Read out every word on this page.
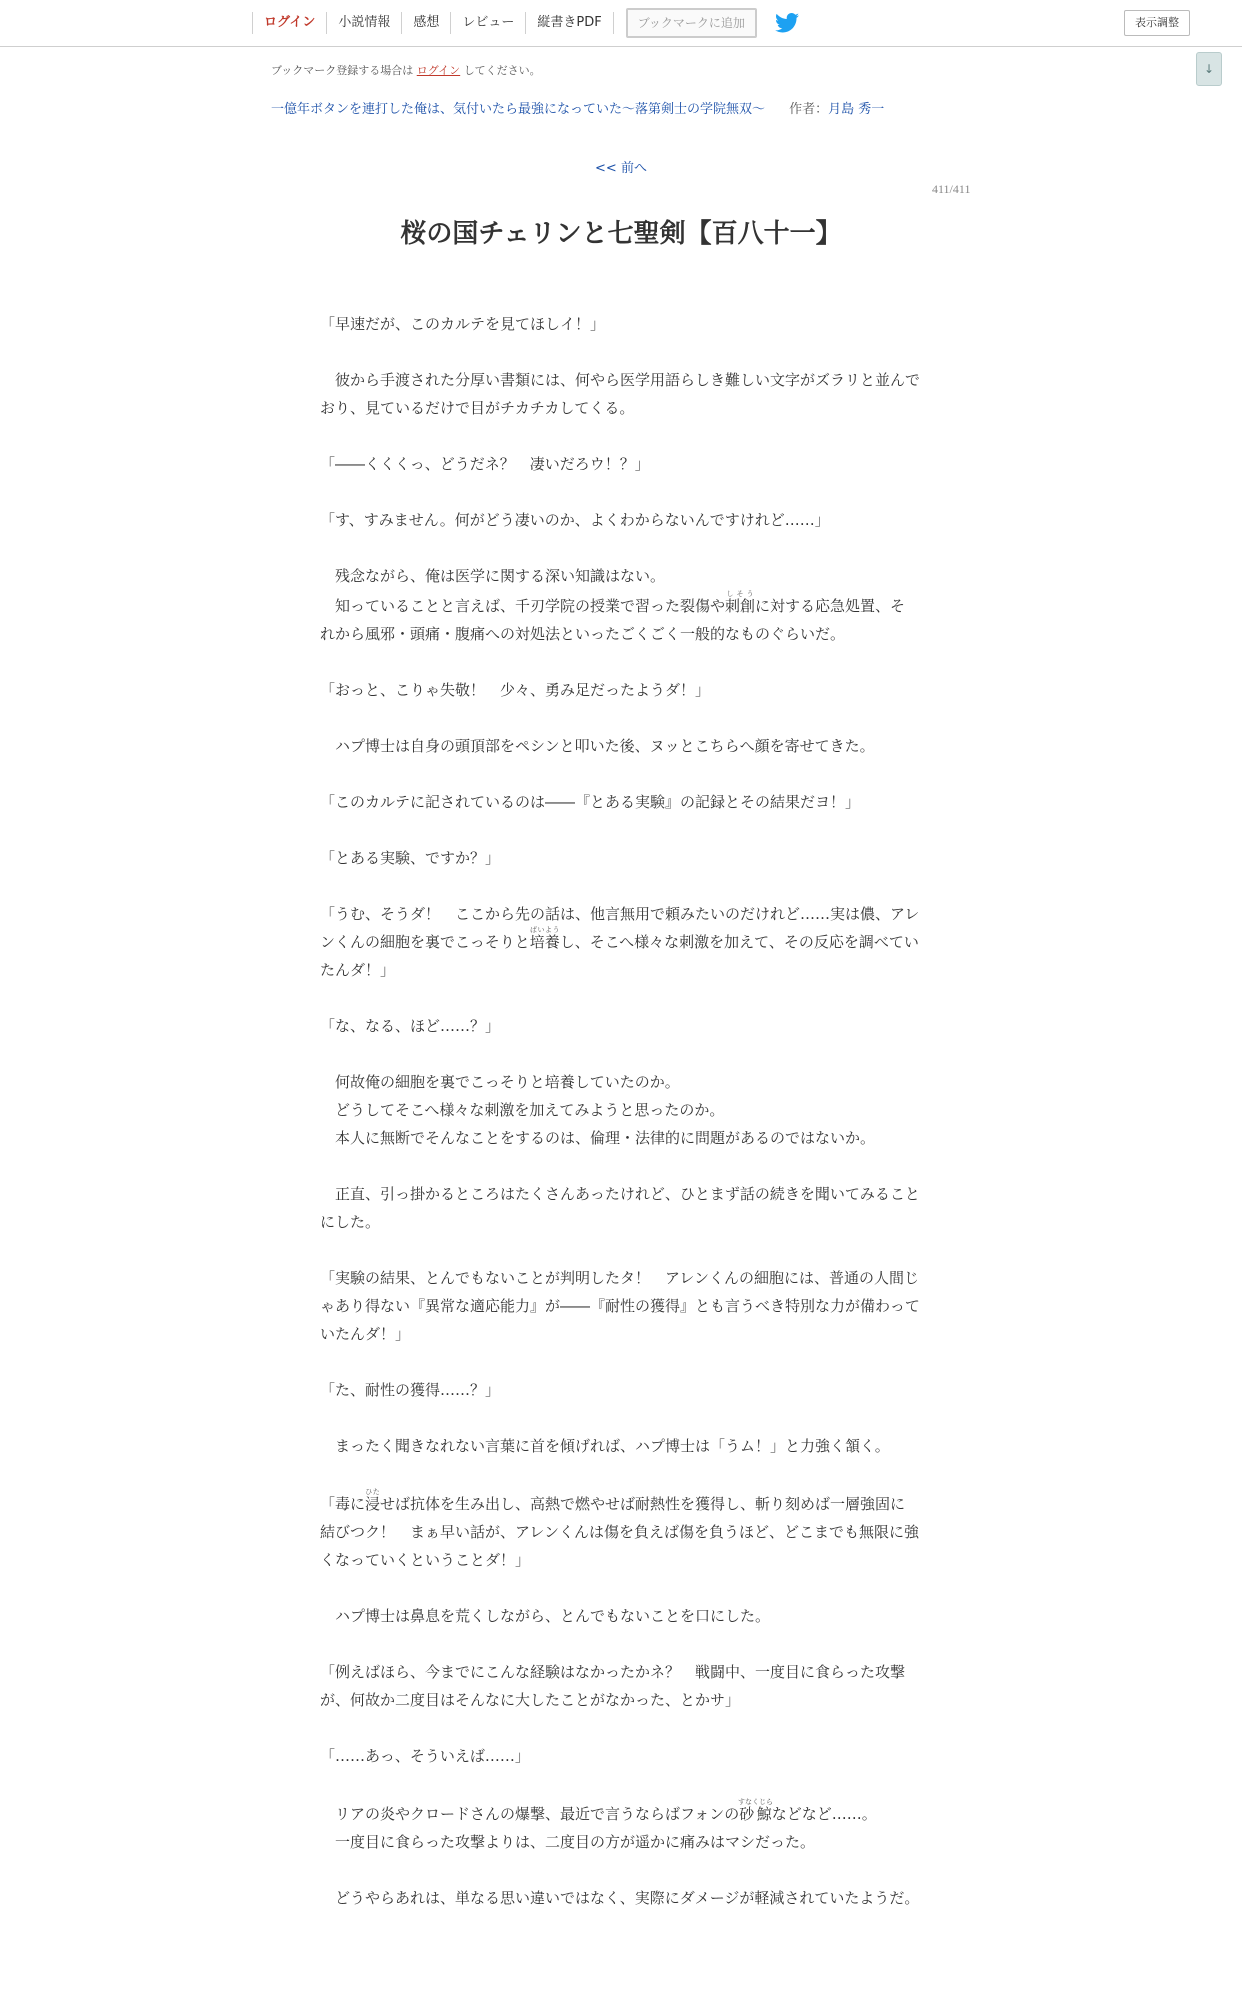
ログイン	小説情報	感想	レビュー	縦書きPDF	ブックマークに追加	表示調整
↓
ブックマーク登録する場合は ログイン してください。
一億年ボタンを連打した俺は、気付いたら最強になっていた～落第剣士の学院無双～ 作者：月島 秀一
<< 前へ
411/411
桜の国チェリンと七聖剣【百八十一】

「早速だが、このカルテを見てほしイ！」

　彼から手渡された分厚い書類には、何やら医学用語らしき難しい文字がズラリと並んでおり、見ているだけで目がチカチカしてくる。

「――くくくっ、どうだネ？　凄いだろウ！？」

「す、すみません。何がどう凄いのか、よくわからないんですけれど……」

　残念ながら、俺は医学に関する深い知識はない。

　知っていることと言えば、千刃学院の授業で習った裂傷や刺創しそうに対する応急処置、それから風邪・頭痛・腹痛への対処法といったごくごく一般的なものぐらいだ。

「おっと、こりゃ失敬！　少々、勇み足だったようダ！」

　ハプ博士は自身の頭頂部をペシンと叩いた後、ヌッとこちらへ顔を寄せてきた。

「このカルテに記されているのは――『とある実験』の記録とその結果だヨ！」

「とある実験、ですか？」

「うむ、そうダ！　ここから先の話は、他言無用で頼みたいのだけれど……実は儂、アレンくんの細胞を裏でこっそりと培養ばいようし、そこへ様々な刺激を加えて、その反応を調べていたんダ！」

「な、なる、ほど……？」

　何故俺の細胞を裏でこっそりと培養していたのか。

　どうしてそこへ様々な刺激を加えてみようと思ったのか。

　本人に無断でそんなことをするのは、倫理・法律的に問題があるのではないか。

　正直、引っ掛かるところはたくさんあったけれど、ひとまず話の続きを聞いてみることにした。

「実験の結果、とんでもないことが判明したタ！　アレンくんの細胞には、普通の人間じゃあり得ない『異常な適応能力』が――『耐性の獲得』とも言うべき特別な力が備わっていたんダ！」

「た、耐性の獲得……？」

　まったく聞きなれない言葉に首を傾げれば、ハプ博士は「うム！」と力強く頷く。

「毒に浸ひたせば抗体を生み出し、高熱で燃やせば耐熱性を獲得し、斬り刻めば一層強固に結びつク！　まぁ早い話が、アレンくんは傷を負えば傷を負うほど、どこまでも無限に強くなっていくということダ！」

　ハプ博士は鼻息を荒くしながら、とんでもないことを口にした。

「例えばほら、今までにこんな経験はなかったかネ？　戦闘中、一度目に食らった攻撃が、何故か二度目はそんなに大したことがなかった、とかサ」

「……あっ、そういえば……」

　リアの炎やクロードさんの爆撃、最近で言うならばフォンの砂鯨すなくじらなどなど……。

　一度目に食らった攻撃よりは、二度目の方が遥かに痛みはマシだった。

　どうやらあれは、単なる思い違いではなく、実際にダメージが軽減されていたようだ。
